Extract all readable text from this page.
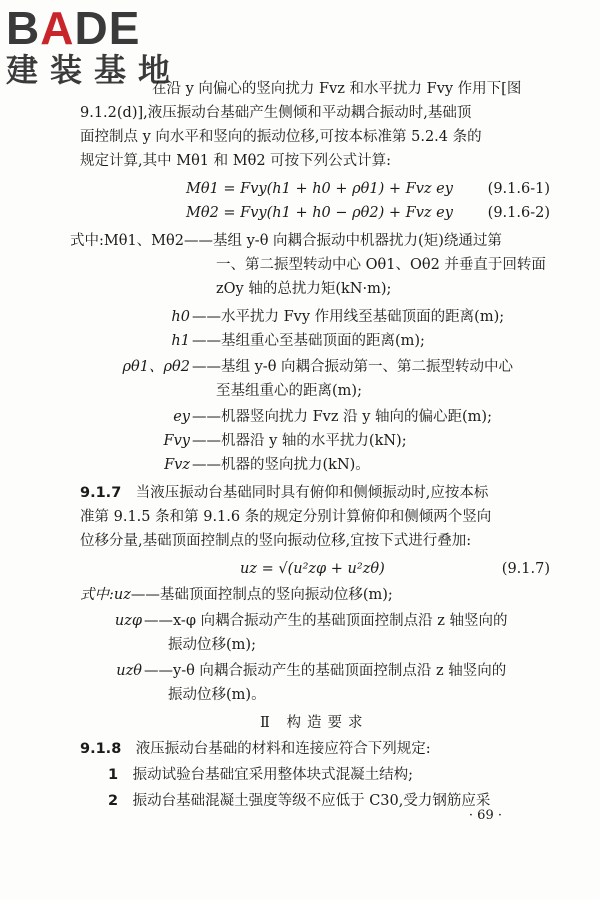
BADE
建装基地
在沿 y 向偏心的竖向扰力 Fvz 和水平扰力 Fvy 作用下[图
9.1.2(d)],液压振动台基础产生侧倾和平动耦合振动时,基础顶
面控制点 y 向水平和竖向的振动位移,可按本标准第 5.2.4 条的
规定计算,其中 Mθ1 和 Mθ2 可按下列公式计算:
Mθ1 = Fvy(h1 + h0 + ρθ1) + Fvz ey (9.1.6-1)
Mθ2 = Fvy(h1 + h0 − ρθ2) + Fvz ey (9.1.6-2)
式中:Mθ1、Mθ2 ——基组 y-θ 向耦合振动中机器扰力(矩)绕通过第
一、第二振型转动中心 Oθ1、Oθ2 并垂直于回转面
zOy 轴的总扰力矩(kN·m);
h0 ——水平扰力 Fvy 作用线至基础顶面的距离(m);
h1 ——基组重心至基础顶面的距离(m);
ρθ1、ρθ2 ——基组 y-θ 向耦合振动第一、第二振型转动中心
至基组重心的距离(m);
ey ——机器竖向扰力 Fvz 沿 y 轴向的偏心距(m);
Fvy ——机器沿 y 轴的水平扰力(kN);
Fvz ——机器的竖向扰力(kN)。
9.1.7　 当液压振动台基础同时具有俯仰和侧倾振动时,应按本标
准第 9.1.5 条和第 9.1.6 条的规定分别计算俯仰和侧倾两个竖向
位移分量,基础顶面控制点的竖向振动位移,宜按下式进行叠加:
uz = √(u²zφ + u²zθ)	(9.1.7)
式中:uz——基础顶面控制点的竖向振动位移(m);
uzφ ——x-φ 向耦合振动产生的基础顶面控制点沿 z 轴竖向的
振动位移(m);
uzθ ——y-θ 向耦合振动产生的基础顶面控制点沿 z 轴竖向的
振动位移(m)。
Ⅱ 构造要求
9.1.8　 液压振动台基础的材料和连接应符合下列规定:
1　 振动试验台基础宜采用整体块式混凝土结构;
2　 振动台基础混凝土强度等级不应低于 C30,受力钢筋应采
· 69 ·
